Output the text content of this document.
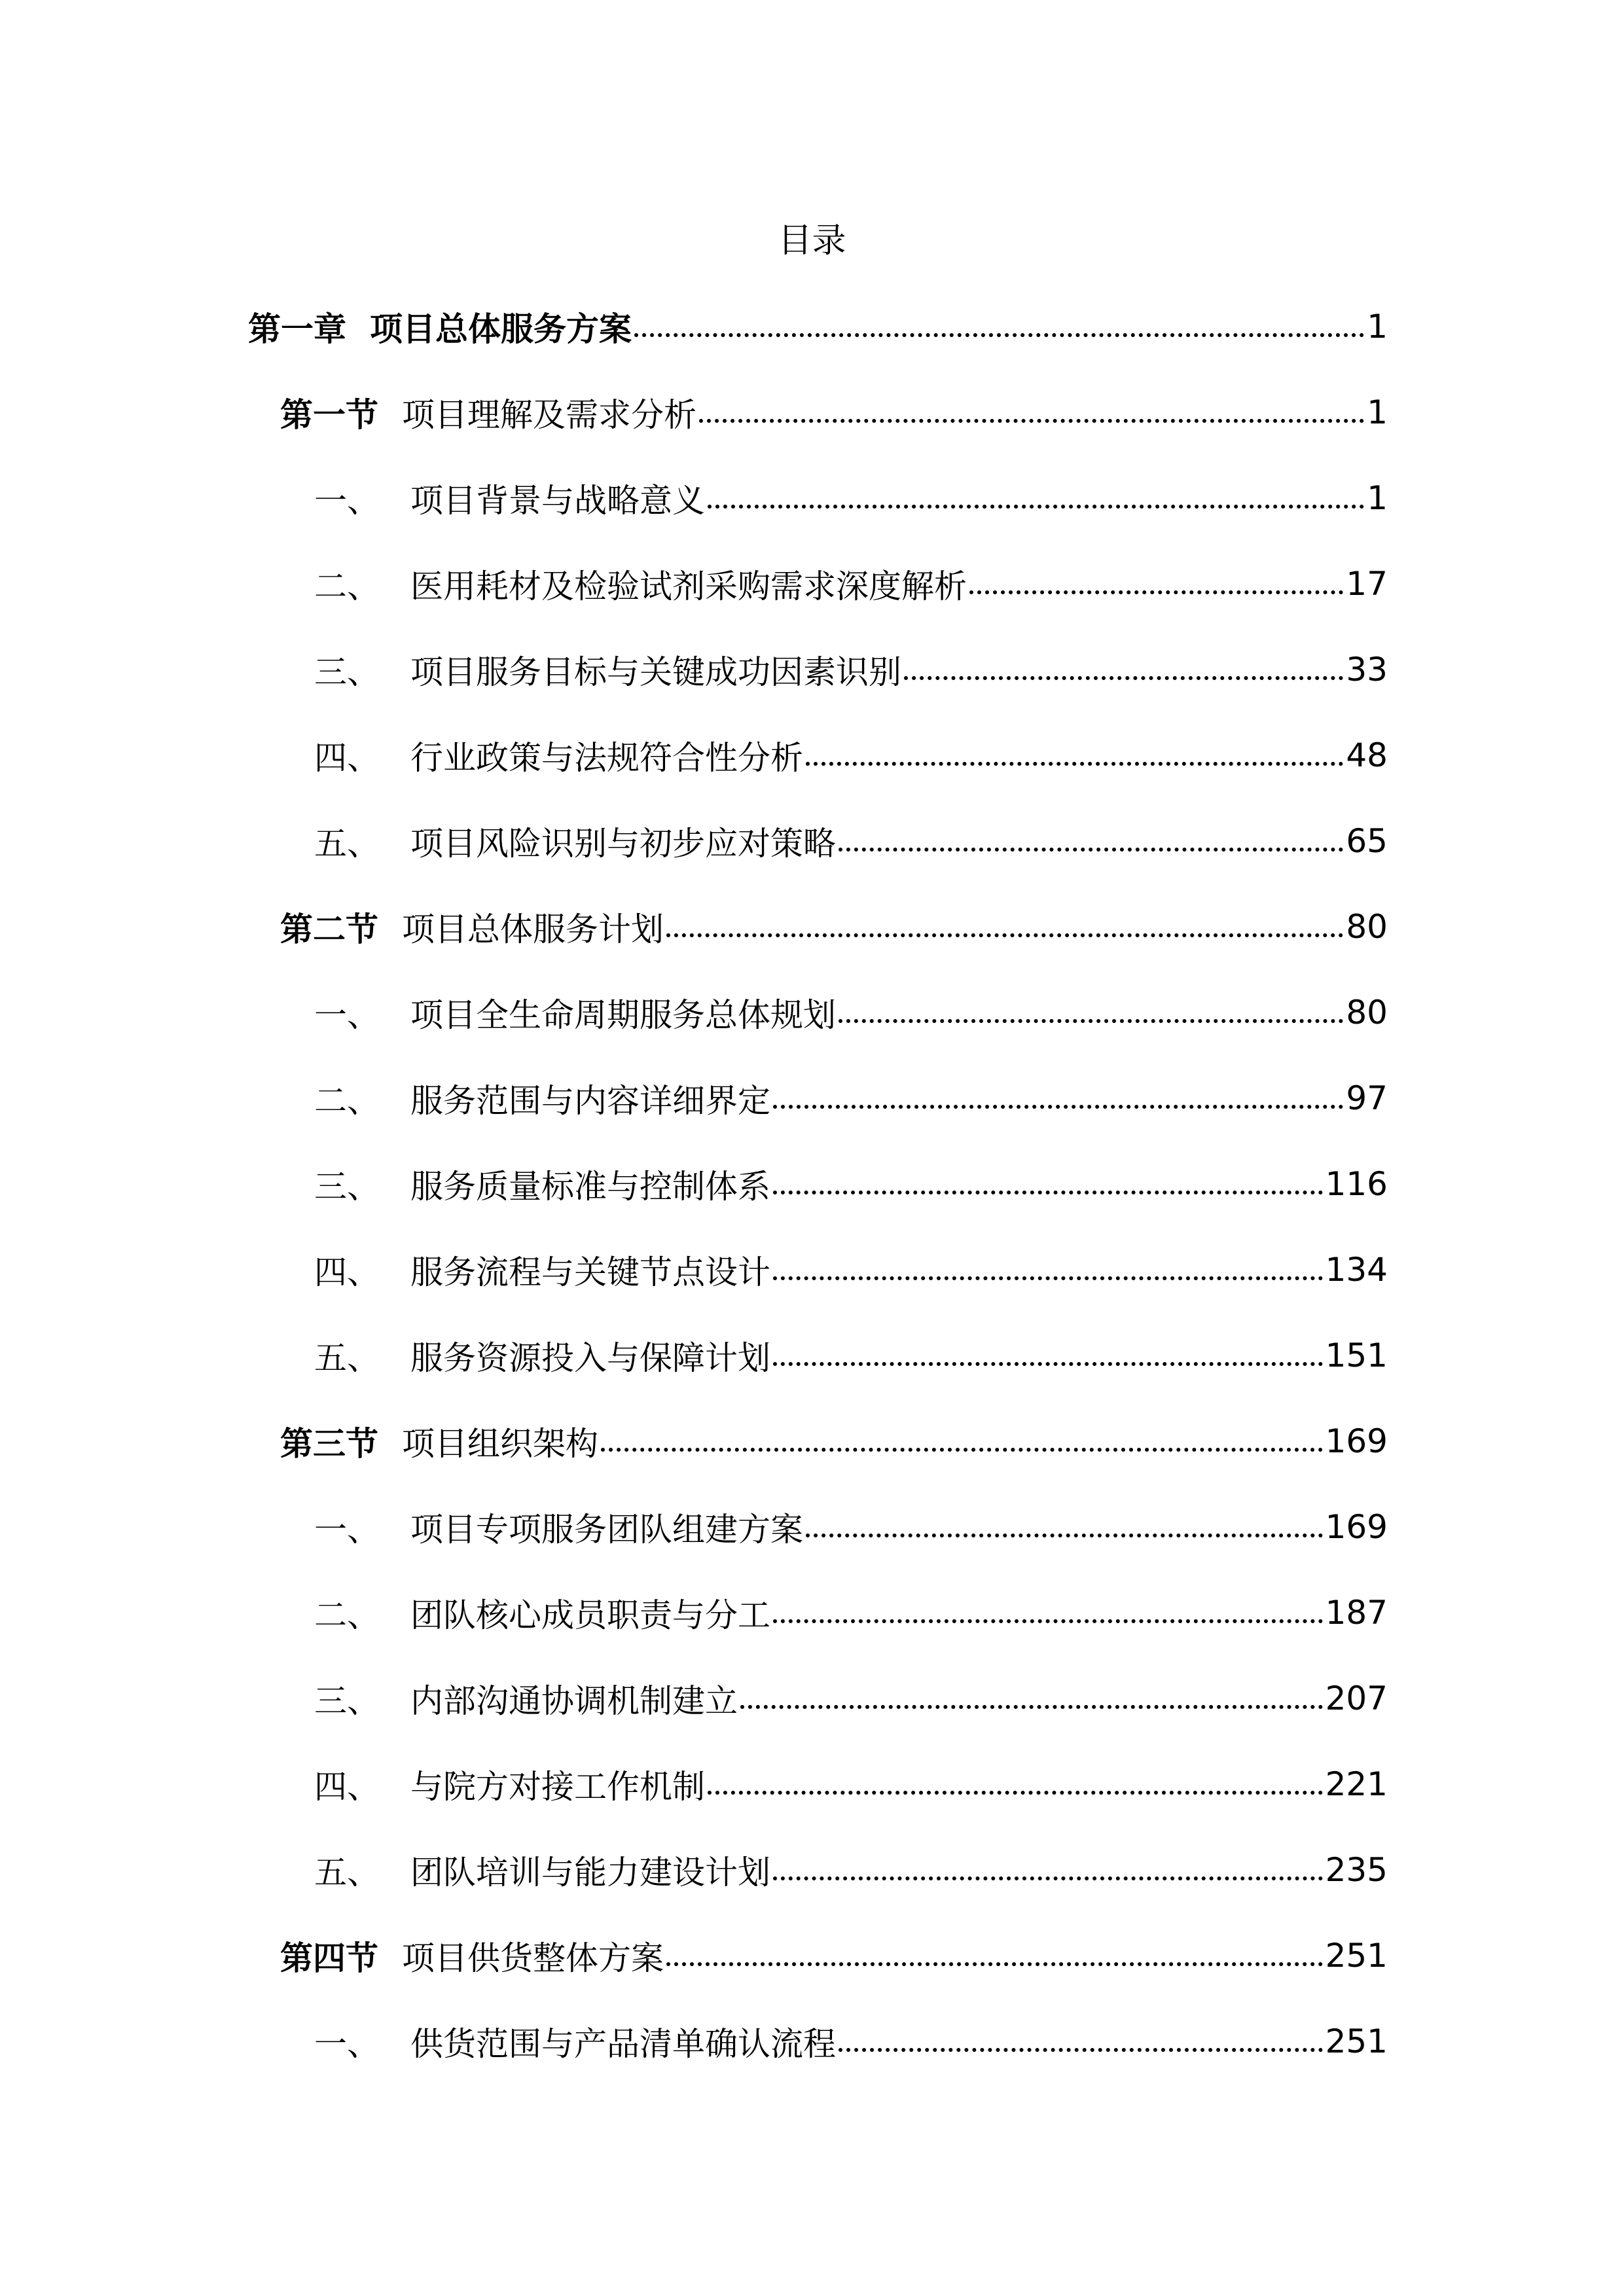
目录
第一章 项目总体服务方案	1
第一节 项目理解及需求分析	1
一、 项目背景与战略意义	1
二、 医用耗材及检验试剂采购需求深度解析	17
三、 项目服务目标与关键成功因素识别	33
四、 行业政策与法规符合性分析	48
五、 项目风险识别与初步应对策略	65
第二节 项目总体服务计划	80
一、 项目全生命周期服务总体规划	80
二、 服务范围与内容详细界定	97
三、 服务质量标准与控制体系	116
四、 服务流程与关键节点设计	134
五、 服务资源投入与保障计划	151
第三节 项目组织架构	169
一、 项目专项服务团队组建方案	169
二、 团队核心成员职责与分工	187
三、 内部沟通协调机制建立	207
四、 与院方对接工作机制	221
五、 团队培训与能力建设计划	235
第四节 项目供货整体方案	251
一、 供货范围与产品清单确认流程	251
